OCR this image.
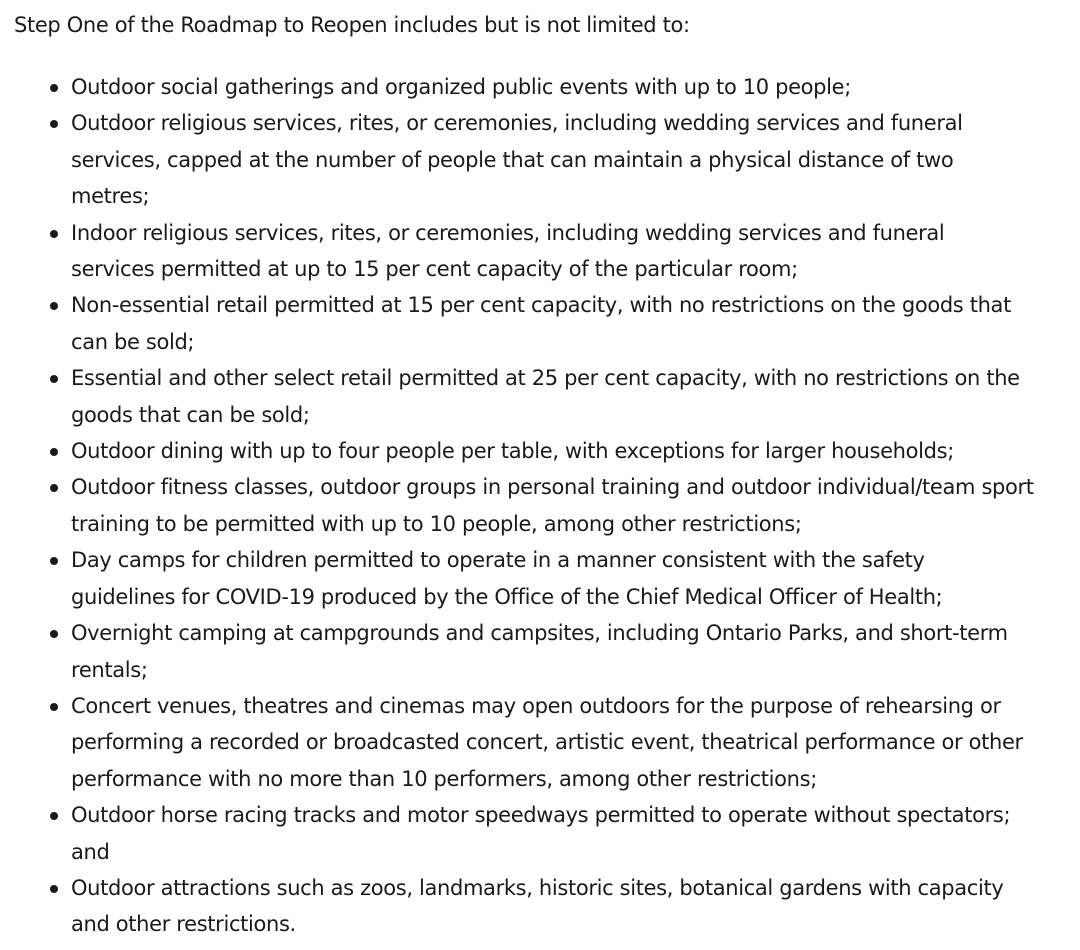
Step One of the Roadmap to Reopen includes but is not limited to:

Outdoor social gatherings and organized public events with up to 10 people;
Outdoor religious services, rites, or ceremonies, including wedding services and funeral services, capped at the number of people that can maintain a physical distance of two metres;
Indoor religious services, rites, or ceremonies, including wedding services and funeral services permitted at up to 15 per cent capacity of the particular room;
Non-essential retail permitted at 15 per cent capacity, with no restrictions on the goods that can be sold;
Essential and other select retail permitted at 25 per cent capacity, with no restrictions on the goods that can be sold;
Outdoor dining with up to four people per table, with exceptions for larger households;
Outdoor fitness classes, outdoor groups in personal training and outdoor individual/team sport training to be permitted with up to 10 people, among other restrictions;
Day camps for children permitted to operate in a manner consistent with the safety guidelines for COVID-19 produced by the Office of the Chief Medical Officer of Health;
Overnight camping at campgrounds and campsites, including Ontario Parks, and short-term rentals;
Concert venues, theatres and cinemas may open outdoors for the purpose of rehearsing or performing a recorded or broadcasted concert, artistic event, theatrical performance or other performance with no more than 10 performers, among other restrictions;
Outdoor horse racing tracks and motor speedways permitted to operate without spectators; and
Outdoor attractions such as zoos, landmarks, historic sites, botanical gardens with capacity and other restrictions.
